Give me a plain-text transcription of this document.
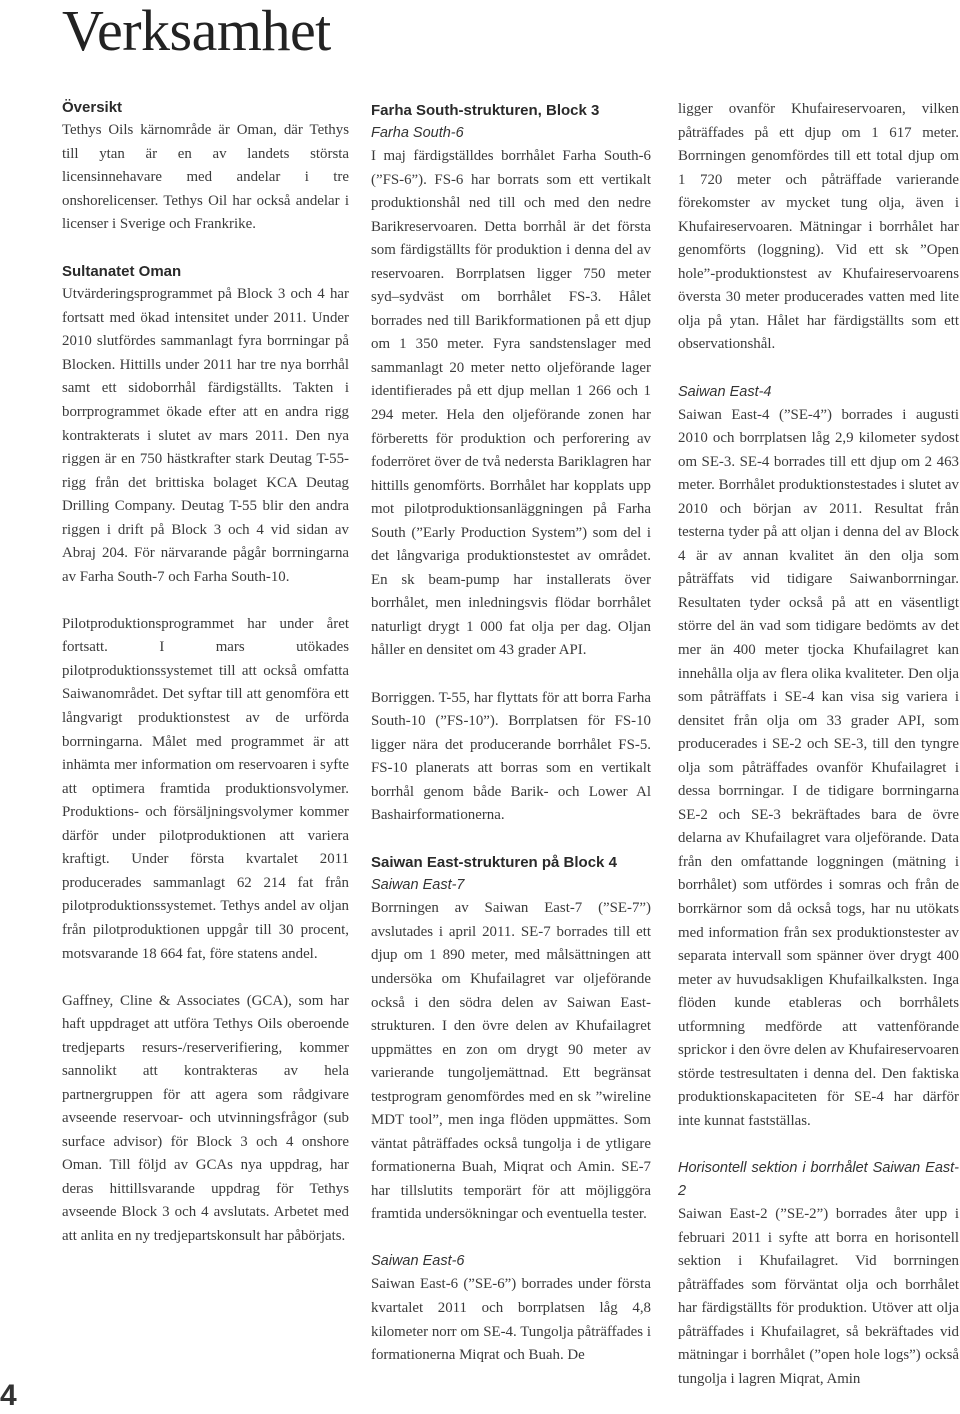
Verksamhet
Översikt

Tethys Oils kärnområde är Oman, där Tethys till ytan är en av landets största licensinnehavare med andelar i tre onshorelicenser. Tethys Oil har också andelar i licenser i Sverige och Frankrike.

Sultanatet Oman

Utvärderingsprogrammet på Block 3 och 4 har fortsatt med ökad intensitet under 2011. Under 2010 slutfördes sammanlagt fyra borrningar på Blocken. Hittills under 2011 har tre nya borrhål samt ett sidoborrhål färdigställts. Takten i borrprogrammet ökade efter att en andra rigg kontrakterats i slutet av mars 2011. Den nya riggen är en 750 hästkrafter stark Deutag T-55-rigg från det brittiska bolaget KCA Deutag Drilling Company. Deutag T-55 blir den andra riggen i drift på Block 3 och 4 vid sidan av Abraj 204. För närvarande pågår borrningarna av Farha South-7 och Farha South-10.

Pilotproduktionsprogrammet har under året fortsatt. I mars utökades pilotproduktionssystemet till att också omfatta Saiwanområdet. Det syftar till att genomföra ett långvarigt produktionstest av de urförda borrningarna. Målet med programmet är att inhämta mer information om reservoaren i syfte att optimera framtida produktionsvolymer. Produktions- och försäljningsvolymer kommer därför under pilotproduktionen att variera kraftigt. Under första kvartalet 2011 producerades sammanlagt 62 214 fat från pilotproduktionssystemet. Tethys andel av oljan från pilotproduktionen uppgår till 30 procent, motsvarande 18 664 fat, före statens andel.

Gaffney, Cline & Associates (GCA), som har haft uppdraget att utföra Tethys Oils oberoende tredjeparts resurs-/reserverifiering, kommer sannolikt att kontrakteras av hela partnergruppen för att agera som rådgivare avseende reservoar- och utvinningsfrågor (sub surface advisor) för Block 3 och 4 onshore Oman. Till följd av GCAs nya uppdrag, har deras hittillsvarande uppdrag för Tethys avseende Block 3 och 4 avslutats. Arbetet med att anlita en ny tredjepartskonsult har påbörjats.

Farha South-strukturen, Block 3
Farha South-6

I maj färdigställdes borrhålet Farha South-6 (”FS-6”). FS-6 har borrats som ett vertikalt produktionshål ned till och med den nedre Barikreservoaren. Detta borrhål är det första som färdigställts för produktion i denna del av reservoaren. Borrplatsen ligger 750 meter syd–sydväst om borrhålet FS-3. Hålet borrades ned till Barikformationen på ett djup om 1 350 meter. Fyra sandstenslager med sammanlagt 20 meter netto oljeförande lager identifierades på ett djup mellan 1 266 och 1 294 meter. Hela den oljeförande zonen har förberetts för produktion och perforering av foderröret över de två nedersta Bariklagren har hittills genomförts. Borrhålet har kopplats upp mot pilotproduktionsanläggningen på Farha South (”Early Production System”) som del i det långvariga produktionstestet av området. En sk beam-pump har installerats över borrhålet, men inledningsvis flödar borrhålet naturligt drygt 1 000 fat olja per dag. Oljan håller en densitet om 43 grader API.

Borriggen. T-55, har flyttats för att borra Farha South-10 (”FS-10”). Borrplatsen för FS-10 ligger nära det producerande borrhålet FS-5. FS-10 planerats att borras som en vertikalt borrhål genom både Barik- och Lower Al Bashairformationerna.

Saiwan East-strukturen på Block 4
Saiwan East-7

Borrningen av Saiwan East-7 (”SE-7”) avslutades i april 2011. SE-7 borrades till ett djup om 1 890 meter, med målsättningen att undersöka om Khufailagret var oljeförande också i den södra delen av Saiwan East-strukturen. I den övre delen av Khufailagret uppmättes en zon om drygt 90 meter av varierande tungoljemättnad. Ett begränsat testprogram genomfördes med en sk ”wireline MDT tool”, men inga flöden uppmättes. Som väntat påträffades också tungolja i de ytligare formationerna Buah, Miqrat och Amin. SE-7 har tillslutits temporärt för att möjliggöra framtida undersökningar och eventuella tester.

Saiwan East-6

Saiwan East-6 (”SE-6”) borrades under första kvartalet 2011 och borrplatsen låg 4,8 kilometer norr om SE-4. Tungolja påträffades i formationerna Miqrat och Buah. De

ligger ovanför Khufaireservoaren, vilken påträffades på ett djup om 1 617 meter. Borrningen genomfördes till ett total djup om 1 720 meter och påträffade varierande förekomster av mycket tung olja, även i Khufaireservoaren. Mätningar i borrhålet har genomförts (loggning). Vid ett sk ”Open hole”-produktionstest av Khufaireservoarens översta 30 meter producerades vatten med lite olja på ytan. Hålet har färdigställts som ett observationshål.

Saiwan East-4

Saiwan East-4 (”SE-4”) borrades i augusti 2010 och borrplatsen låg 2,9 kilometer sydost om SE-3. SE-4 borrades till ett djup om 2 463 meter. Borrhålet produktionstestades i slutet av 2010 och början av 2011. Resultat från testerna tyder på att oljan i denna del av Block 4 är av annan kvalitet än den olja som påträffats vid tidigare Saiwanborrningar. Resultaten tyder också på att en väsentligt större del än vad som tidigare bedömts av det mer än 400 meter tjocka Khufailagret kan innehålla olja av flera olika kvaliteter. Den olja som påträffats i SE-4 kan visa sig variera i densitet från olja om 33 grader API, som producerades i SE-2 och SE-3, till den tyngre olja som påträffades ovanför Khufailagret i dessa borrningar. I de tidigare borrningarna SE-2 och SE-3 bekräftades bara de övre delarna av Khufailagret vara oljeförande. Data från den omfattande loggningen (mätning i borrhålet) som utfördes i somras och från de borrkärnor som då också togs, har nu utökats med information från sex produktionstester av separata intervall som spänner över drygt 400 meter av huvudsakligen Khufailkalksten. Inga flöden kunde etableras och borrhålets utformning medförde att vattenförande sprickor i den övre delen av Khufaireservoaren störde testresultaten i denna del. Den faktiska produktionskapaciteten för SE-4 har därför inte kunnat fastställas.

Horisontell sektion i borrhålet Saiwan East-2

Saiwan East-2 (”SE-2”) borrades åter upp i februari 2011 i syfte att borra en horisontell sektion i Khufailagret. Vid borrningen påträffades som förväntat olja och borrhålet har färdigställts för produktion. Utöver att olja påträffades i Khufailagret, så bekräftades vid mätningar i borrhålet (”open hole logs”) också tungolja i lagren Miqrat, Amin

4
